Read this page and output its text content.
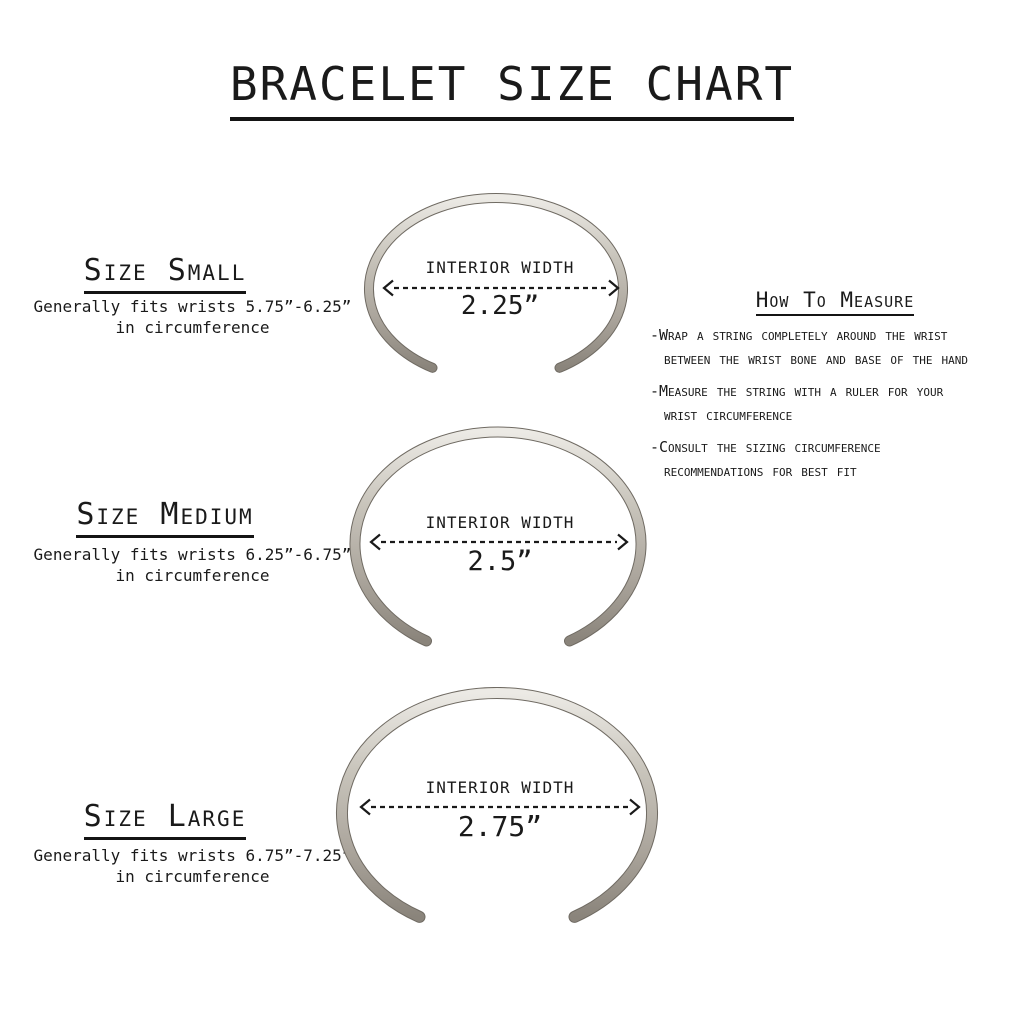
BRACELET SIZE CHART
Size Small
Generally fits wrists 5.75”-6.25”
in circumference
INTERIOR WIDTH
2.25”	How To Measure
-Wrap a string completely around the wrist
between the wrist bone and base of the hand
-Measure the string with a ruler for your
wrist circumference
-Consult the sizing circumference
recommendations for best fit
Size Medium
Generally fits wrists 6.25”-6.75”
in circumference
INTERIOR WIDTH
2.5”
Size Large
Generally fits wrists 6.75”-7.25”
in circumference
INTERIOR WIDTH
2.75”
